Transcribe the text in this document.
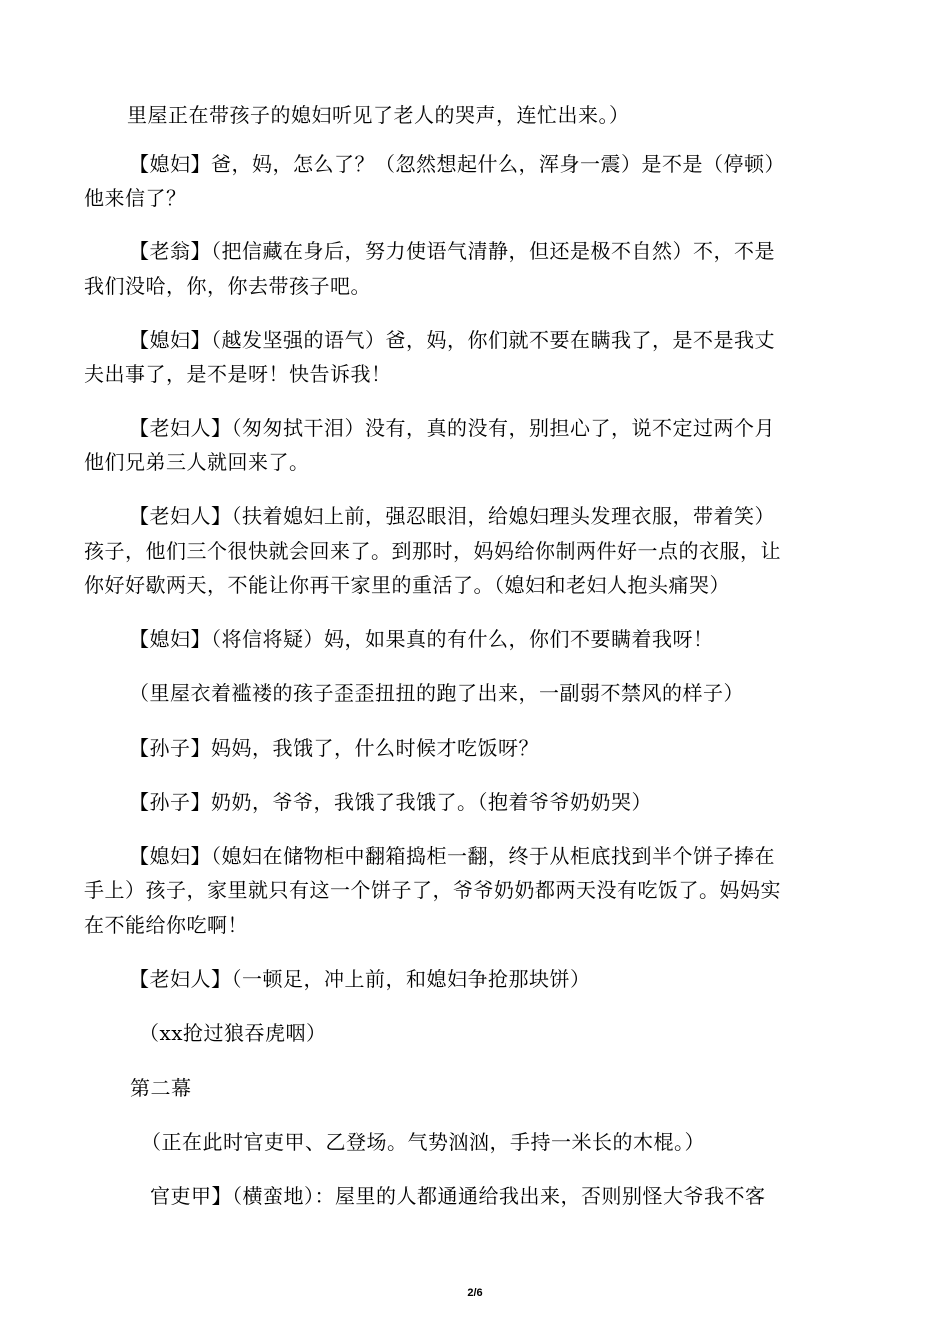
里屋正在带孩子的媳妇听见了老人的哭声，连忙出来。）
【媳妇】爸，妈，怎么了？（忽然想起什么，浑身一震）是不是（停顿）
他来信了？
【老翁】（把信藏在身后，努力使语气清静，但还是极不自然）不，不是
我们没哈，你，你去带孩子吧。
【媳妇】（越发坚强的语气）爸，妈，你们就不要在瞒我了，是不是我丈
夫出事了，是不是呀！快告诉我！
【老妇人】（匆匆拭干泪）没有，真的没有，别担心了，说不定过两个月
他们兄弟三人就回来了。
【老妇人】（扶着媳妇上前，强忍眼泪，给媳妇理头发理衣服，带着笑）
孩子，他们三个很快就会回来了。到那时，妈妈给你制两件好一点的衣服，让
你好好歇两天，不能让你再干家里的重活了。（媳妇和老妇人抱头痛哭）
【媳妇】（将信将疑）妈，如果真的有什么，你们不要瞒着我呀！
（里屋衣着褴褛的孩子歪歪扭扭的跑了出来，一副弱不禁风的样子）
【孙子】妈妈，我饿了，什么时候才吃饭呀？
【孙子】奶奶，爷爷，我饿了我饿了。（抱着爷爷奶奶哭）
【媳妇】（媳妇在储物柜中翻箱捣柜一翻，终于从柜底找到半个饼子捧在
手上）孩子，家里就只有这一个饼子了，爷爷奶奶都两天没有吃饭了。妈妈实
在不能给你吃啊！
【老妇人】（一顿足，冲上前，和媳妇争抢那块饼）
（xx抢过狼吞虎咽）
第二幕
（正在此时官吏甲、乙登场。气势汹汹，手持一米长的木棍。）
官吏甲】（横蛮地）：屋里的人都通通给我出来，否则别怪大爷我不客
2/6
